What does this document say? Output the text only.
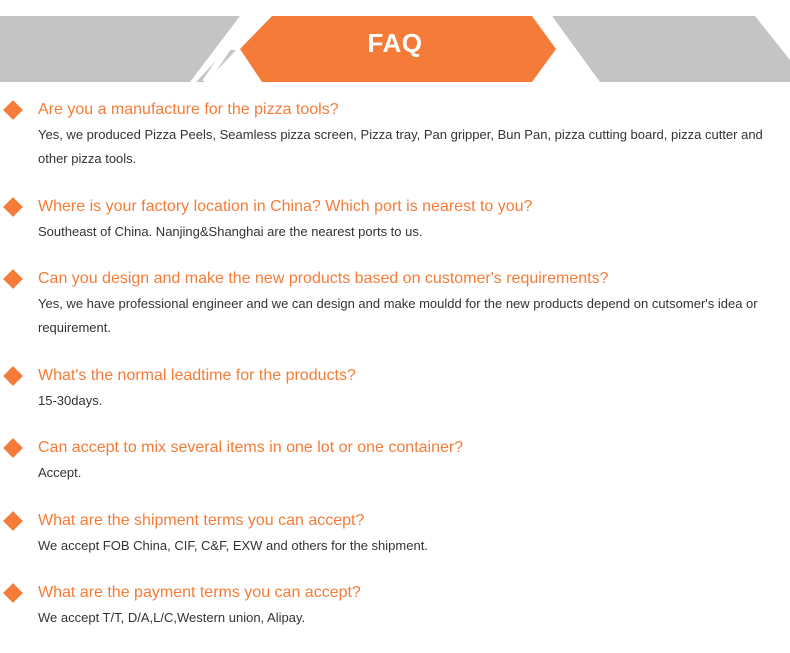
FAQ
Are you a manufacture for the pizza tools?
Yes, we produced Pizza Peels, Seamless pizza screen, Pizza tray, Pan gripper, Bun Pan, pizza cutting board, pizza cutter and other pizza tools.
Where is your factory location in China? Which port is nearest to you?
Southeast of China. Nanjing&Shanghai are the nearest ports to us.
Can you design and make the new products based on customer's requirements?
Yes, we have professional engineer and we can design and make mouldd for the new products depend on cutsomer's idea or requirement.
What's the normal leadtime for the products?
15-30days.
Can accept to mix several items in one lot or one container?
Accept.
What are the shipment terms you can accept?
We accept FOB China, CIF, C&F, EXW and others for the shipment.
What are the payment terms you can accept?
We accept T/T, D/A,L/C,Western union, Alipay.
